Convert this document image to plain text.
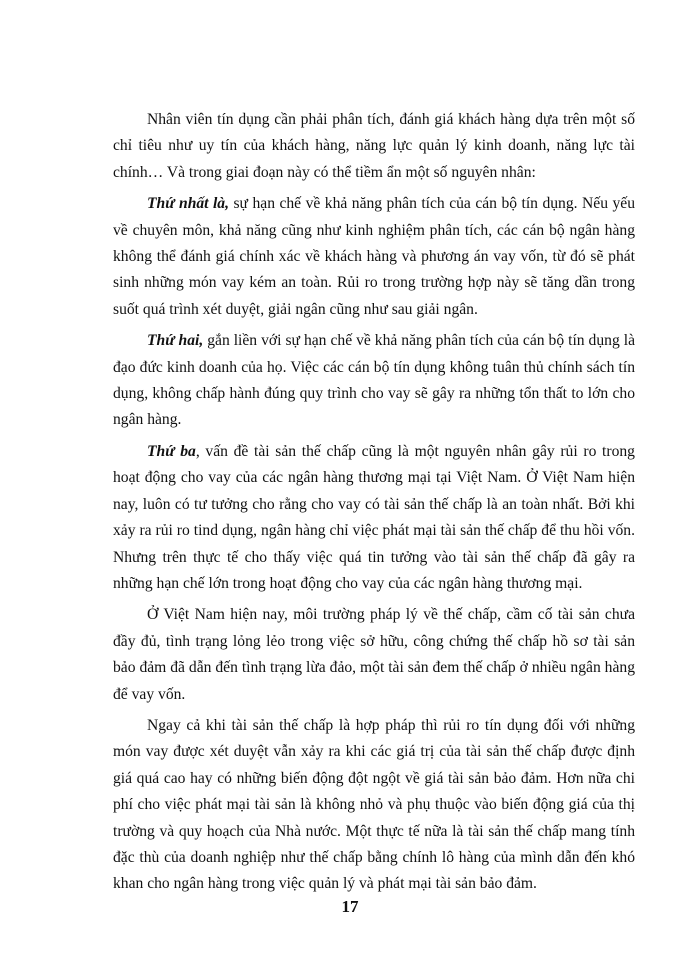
Nhân viên tín dụng cần phải phân tích, đánh giá khách hàng dựa trên một số chỉ tiêu như uy tín của khách hàng, năng lực quản lý kinh doanh, năng lực tài chính… Và trong giai đoạn này có thể tiềm ẩn một số nguyên nhân:

Thứ nhất là, sự hạn chế về khả năng phân tích của cán bộ tín dụng. Nếu yếu về chuyên môn, khả năng cũng như kinh nghiệm phân tích, các cán bộ ngân hàng không thể đánh giá chính xác về khách hàng và phương án vay vốn, từ đó sẽ phát sinh những món vay kém an toàn. Rủi ro trong trường hợp này sẽ tăng dần trong suốt quá trình xét duyệt, giải ngân cũng như sau giải ngân.

Thứ hai, gắn liền với sự hạn chế về khả năng phân tích của cán bộ tín dụng là đạo đức kinh doanh của họ. Việc các cán bộ tín dụng không tuân thủ chính sách tín dụng, không chấp hành đúng quy trình cho vay sẽ gây ra những tổn thất to lớn cho ngân hàng.

Thứ ba, vấn đề tài sản thế chấp cũng là một nguyên nhân gây rủi ro trong hoạt động cho vay của các ngân hàng thương mại tại Việt Nam. Ở Việt Nam hiện nay, luôn có tư tưởng cho rằng cho vay có tài sản thế chấp là an toàn nhất. Bởi khi xảy ra rủi ro tind dụng, ngân hàng chỉ việc phát mại tài sản thế chấp để thu hồi vốn. Nhưng trên thực tế cho thấy việc quá tin tưởng vào tài sản thế chấp đã gây ra những hạn chế lớn trong hoạt động cho vay của các ngân hàng thương mại.

Ở Việt Nam hiện nay, môi trường pháp lý về thế chấp, cầm cố tài sản chưa đầy đủ, tình trạng lỏng lẻo trong việc sở hữu, công chứng thế chấp hồ sơ tài sản bảo đảm đã dẫn đến tình trạng lừa đảo, một tài sản đem thế chấp ở nhiều ngân hàng để vay vốn.

Ngay cả khi tài sản thế chấp là hợp pháp thì rủi ro tín dụng đối với những món vay được xét duyệt vẫn xảy ra khi các giá trị của tài sản thế chấp được định giá quá cao hay có những biến động đột ngột về giá tài sản bảo đảm. Hơn nữa chi phí cho việc phát mại tài sản là không nhỏ và phụ thuộc vào biến động giá của thị trường và quy hoạch của Nhà nước. Một thực tế nữa là tài sản thế chấp mang tính đặc thù của doanh nghiệp như thế chấp bằng chính lô hàng của mình dẫn đến khó khan cho ngân hàng trong việc quản lý và phát mại tài sản bảo đảm.

17
